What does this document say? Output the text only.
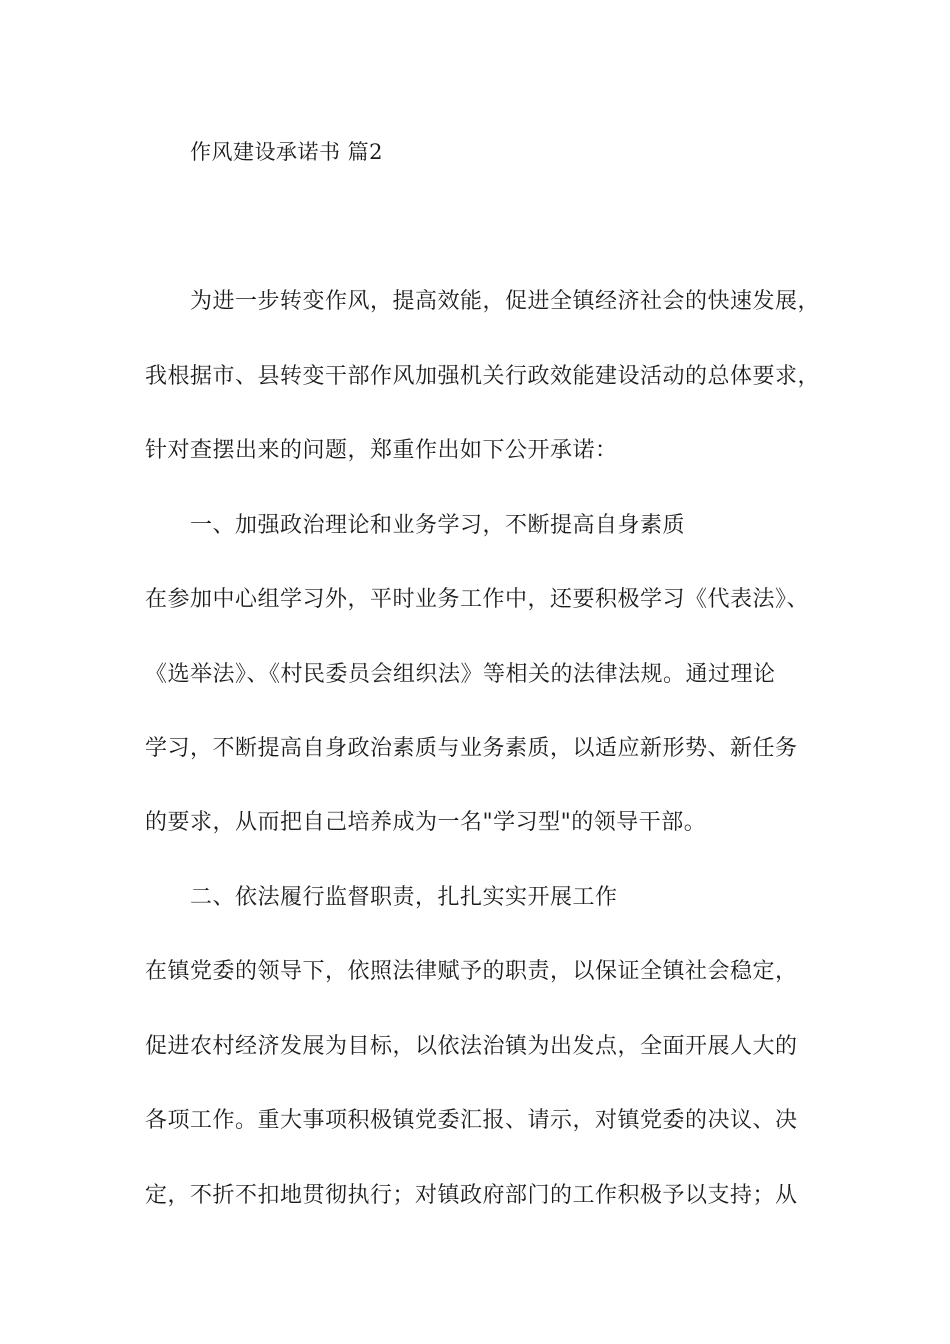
作风建设承诺书 篇2
为进一步转变作风，提高效能，促进全镇经济社会的快速发展，
我根据市、县转变干部作风加强机关行政效能建设活动的总体要求，
针对查摆出来的问题，郑重作出如下公开承诺：
一、加强政治理论和业务学习，不断提高自身素质
在参加中心组学习外，平时业务工作中，还要积极学习《代表法》、
《选举法》、《村民委员会组织法》等相关的法律法规。通过理论
学习，不断提高自身政治素质与业务素质，以适应新形势、新任务
的要求，从而把自己培养成为一名"学习型"的领导干部。
二、依法履行监督职责，扎扎实实开展工作
在镇党委的领导下，依照法律赋予的职责，以保证全镇社会稳定，
促进农村经济发展为目标，以依法治镇为出发点，全面开展人大的
各项工作。重大事项积极镇党委汇报、请示，对镇党委的决议、决
定，不折不扣地贯彻执行；对镇政府部门的工作积极予以支持；从
